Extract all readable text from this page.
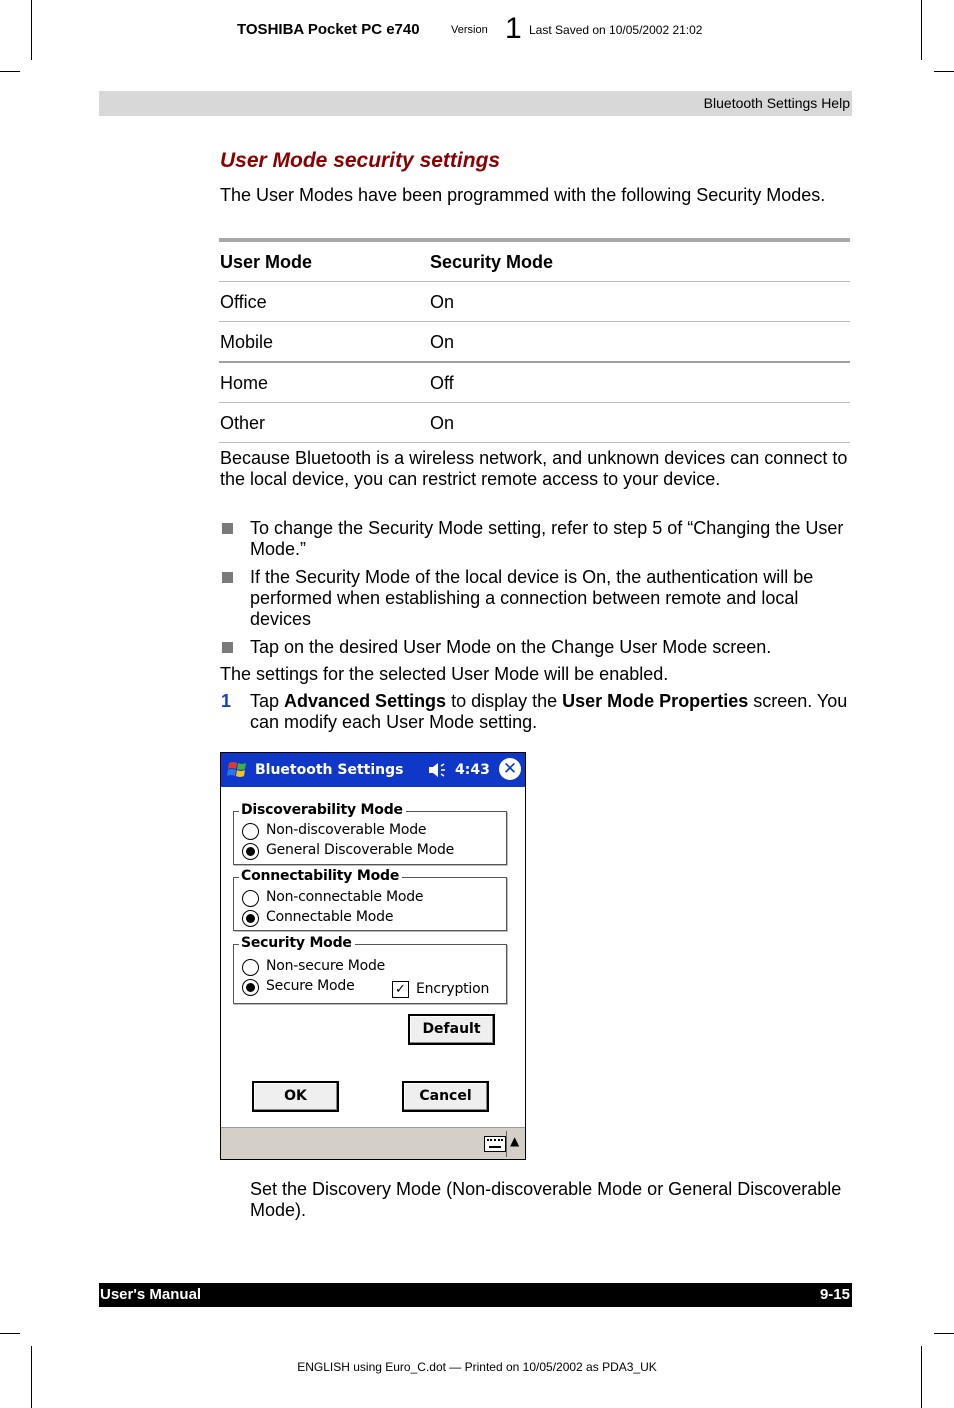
TOSHIBA Pocket PC e740	Version 1 Last Saved on 10/05/2002 21:02
Bluetooth Settings Help
User Mode security settings
The User Modes have been programmed with the following Security Modes.
User Mode	Security Mode
Office	On
Mobile	On
Home	Off
Other	On
Because Bluetooth is a wireless network, and unknown devices can connect to the local device, you can restrict remote access to your device.
To change the Security Mode setting, refer to step 5 of “Changing the User Mode.”
If the Security Mode of the local device is On, the authentication will be performed when establishing a connection between remote and local devices
Tap on the desired User Mode on the Change User Mode screen.
The settings for the selected User Mode will be enabled.
1 Tap Advanced Settings to display the User Mode Properties screen. You can modify each User Mode setting.
Bluetooth Settings	4:43 ✕
Discoverability Mode
Non-discoverable Mode
General Discoverable Mode
Connectability Mode
Non-connectable Mode
Connectable Mode
Security Mode
Non-secure Mode
Secure Mode	✓ Encryption
Default
OK	Cancel
▲
Set the Discovery Mode (Non-discoverable Mode or General Discoverable Mode).
User's Manual	9-15
ENGLISH using Euro_C.dot — Printed on 10/05/2002 as PDA3_UK
